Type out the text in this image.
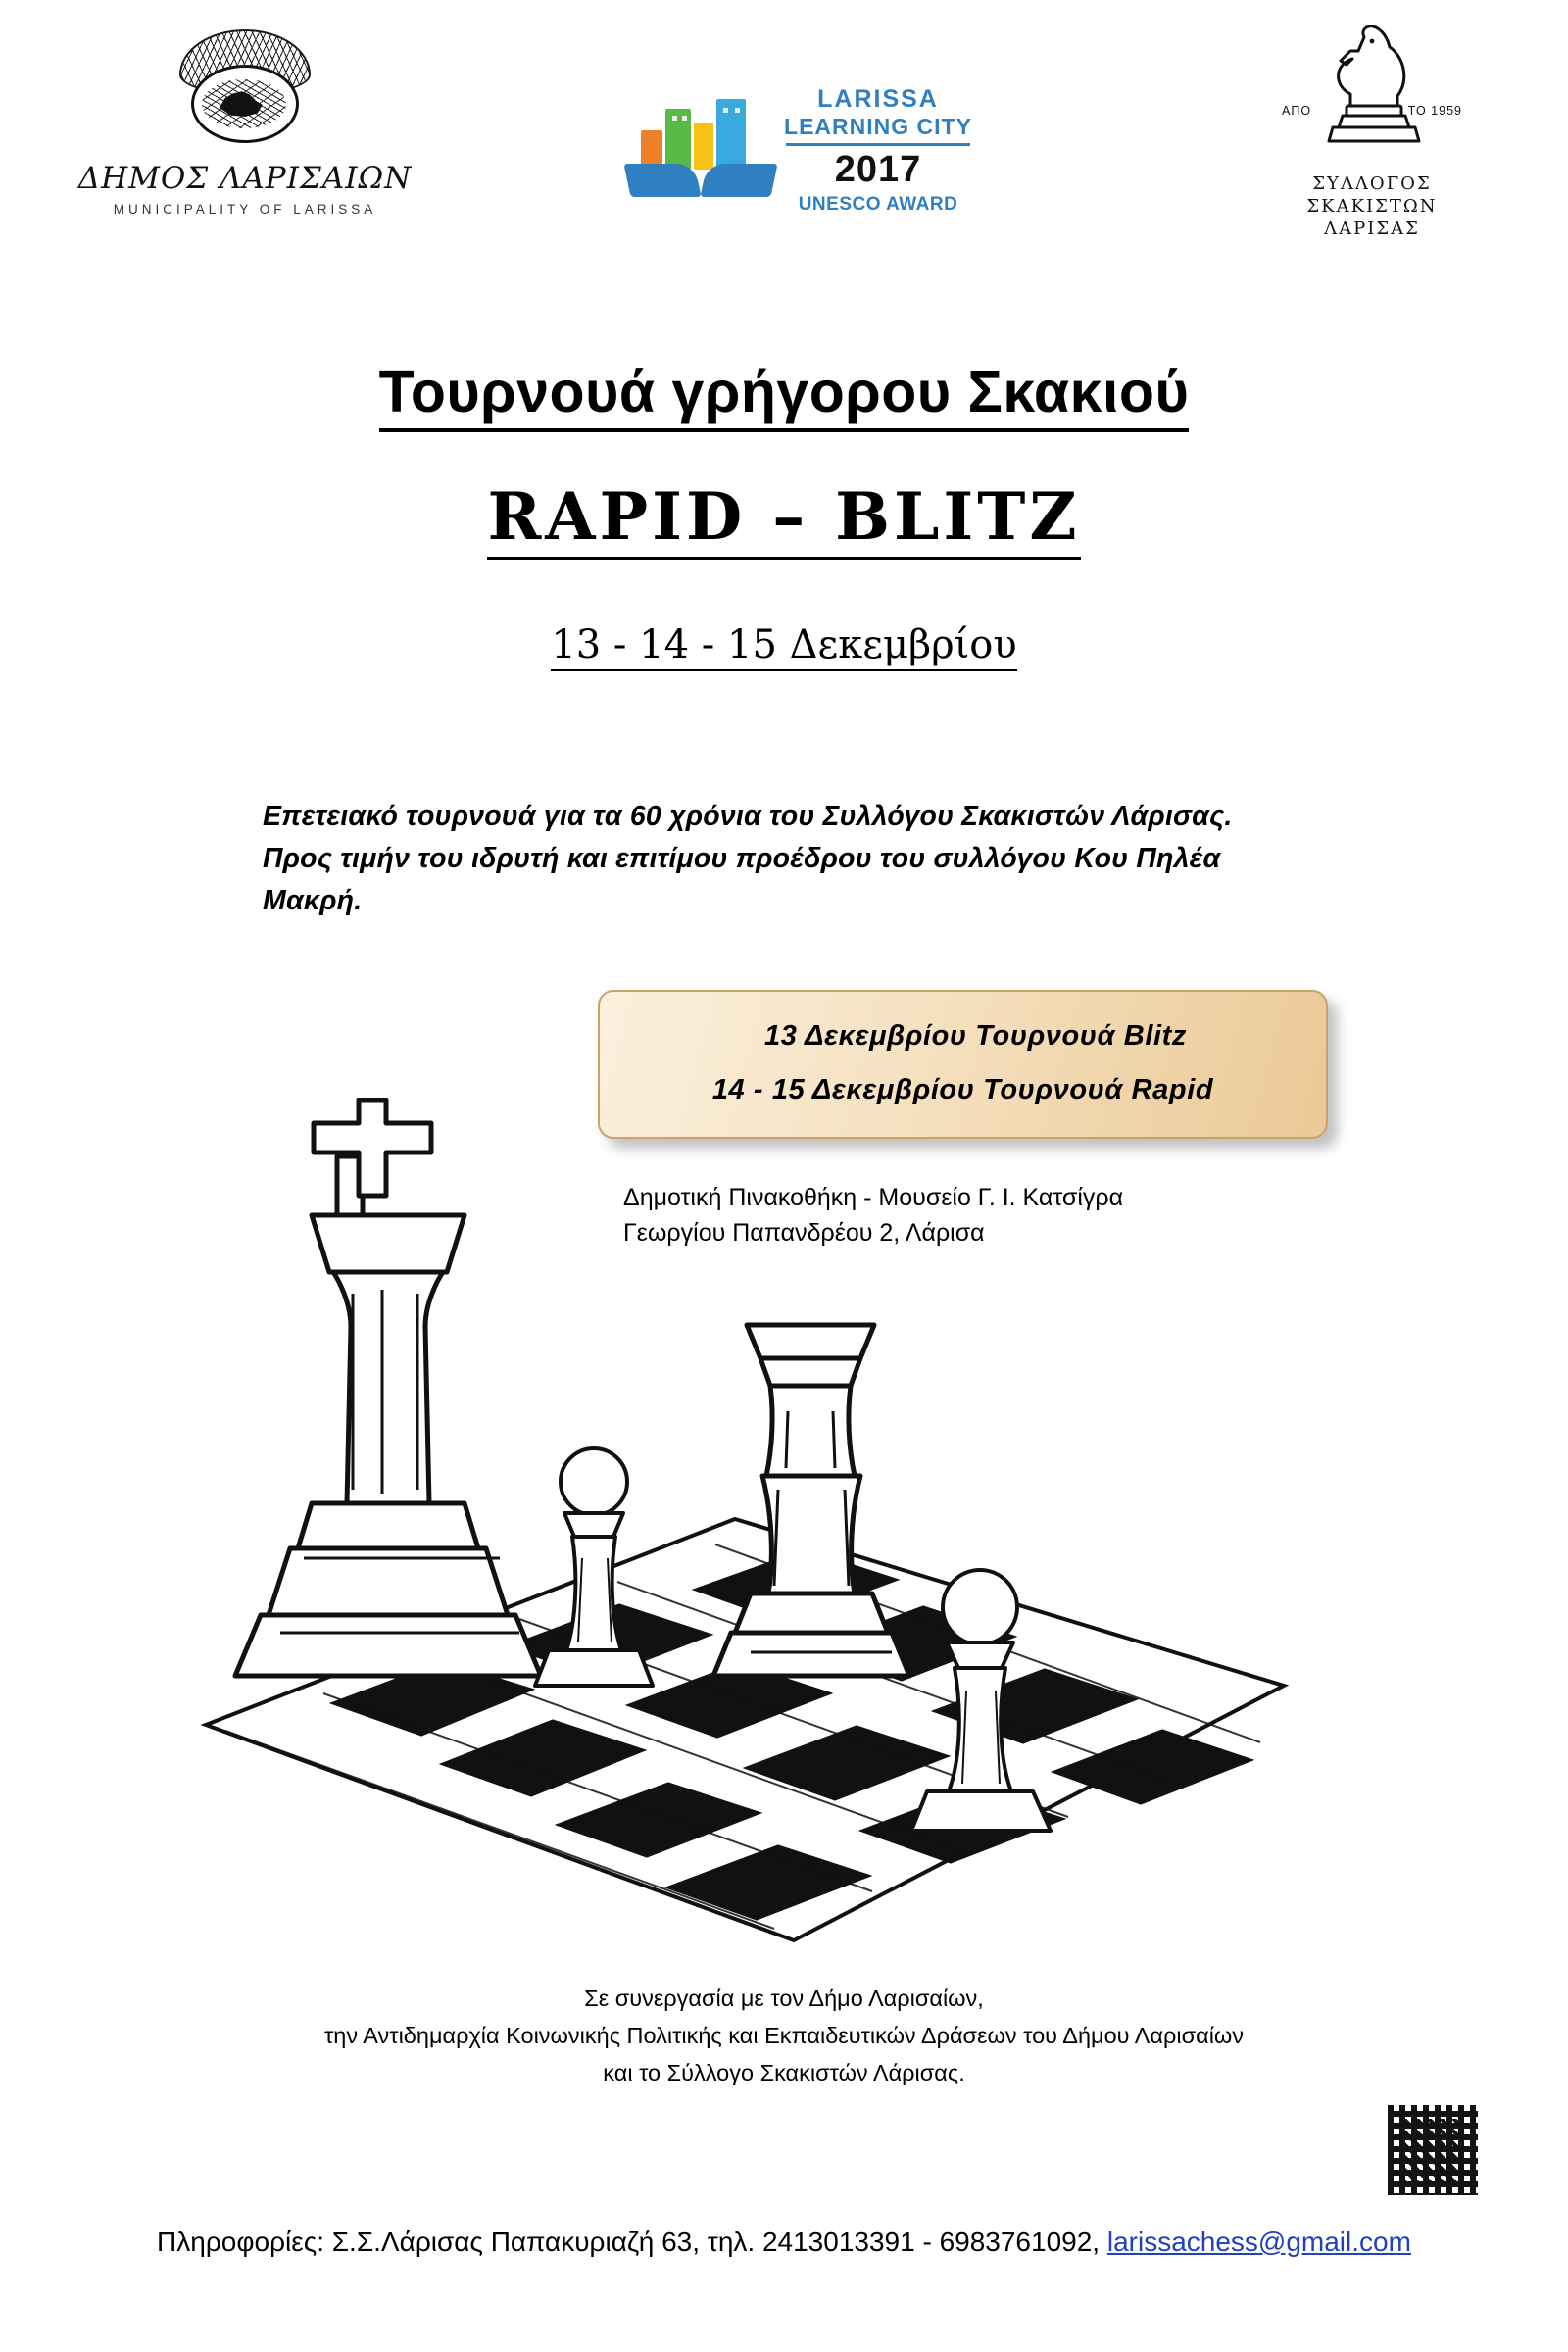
ΔΗΜΟΣ ΛΑΡΙΣΑΙΩΝ
MUNICIPALITY OF LARISSA
LARISSA
LEARNING CITY
2017
UNESCO AWARD
ΑΠΟ	ΤΟ 1959
ΣΥΛΛΟΓΟΣ
ΣΚΑΚΙΣΤΩΝ
ΛΑΡΙΣΑΣ
Τουρνουά γρήγορου Σκακιού
RAPID – BLITZ
13 - 14 - 15 Δεκεμβρίου
Επετειακό τουρνουά για τα 60 χρόνια του Συλλόγου Σκακιστών Λάρισας. Προς τιμήν του ιδρυτή και επιτίμου προέδρου του συλλόγου Κου Πηλέα Μακρή.
13 Δεκεμβρίου Τουρνουά Blitz
14 - 15 Δεκεμβρίου Τουρνουά Rapid
Δημοτική Πινακοθήκη - Μουσείο Γ. Ι. Κατσίγρα
Γεωργίου Παπανδρέου 2, Λάρισα
Σε συνεργασία με τον Δήμο Λαρισαίων,
την Αντιδημαρχία Κοινωνικής Πολιτικής και Εκπαιδευτικών Δράσεων του Δήμου Λαρισαίων
και το Σύλλογο Σκακιστών Λάρισας.
Πληροφορίες: Σ.Σ.Λάρισας Παπακυριαζή 63, τηλ. 2413013391 - 6983761092, larissachess@gmail.com
